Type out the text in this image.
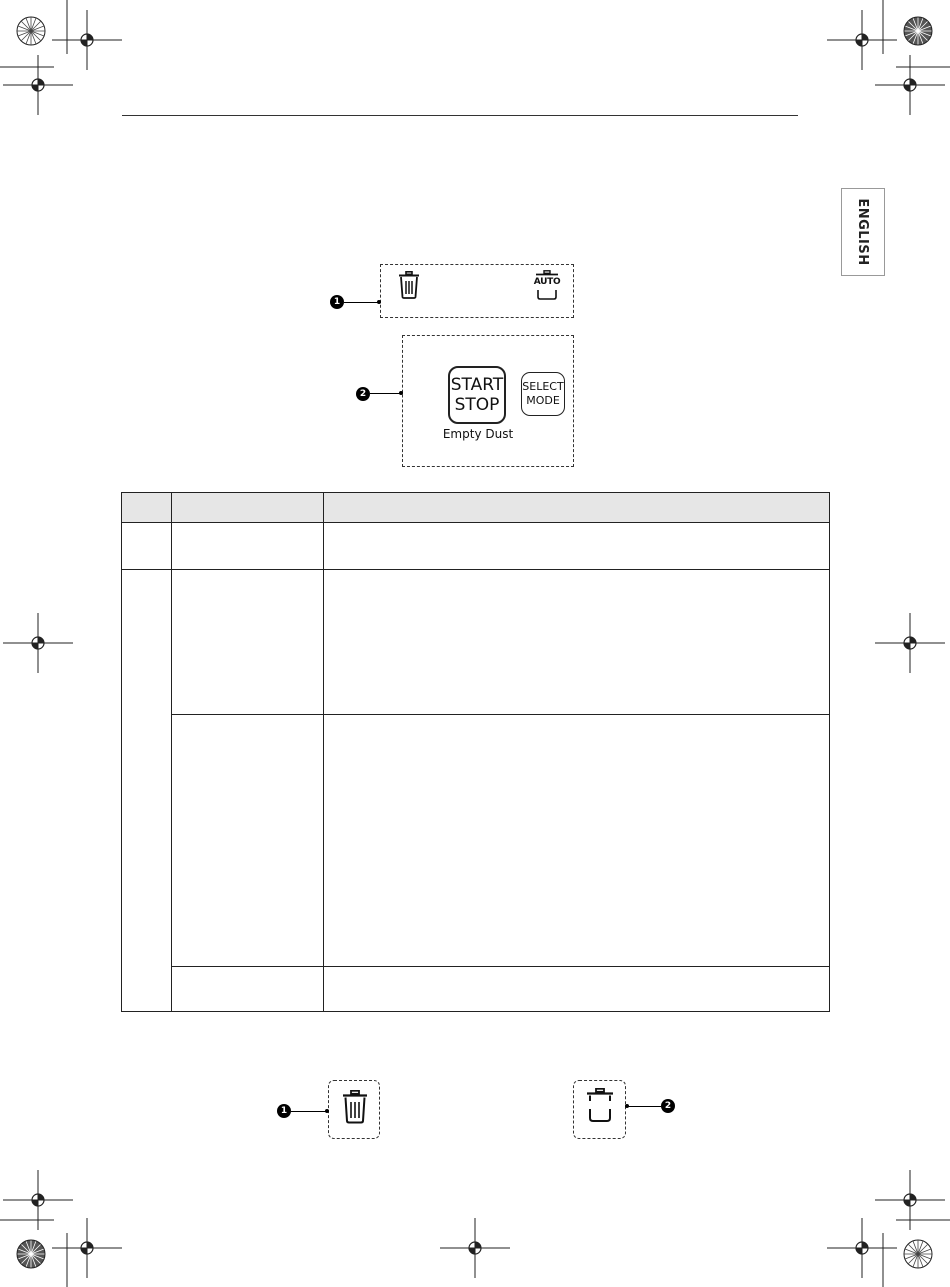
ENGLISH
AUTO
1
START
STOP
Empty Dust
SELECT
MODE
2

1	2
